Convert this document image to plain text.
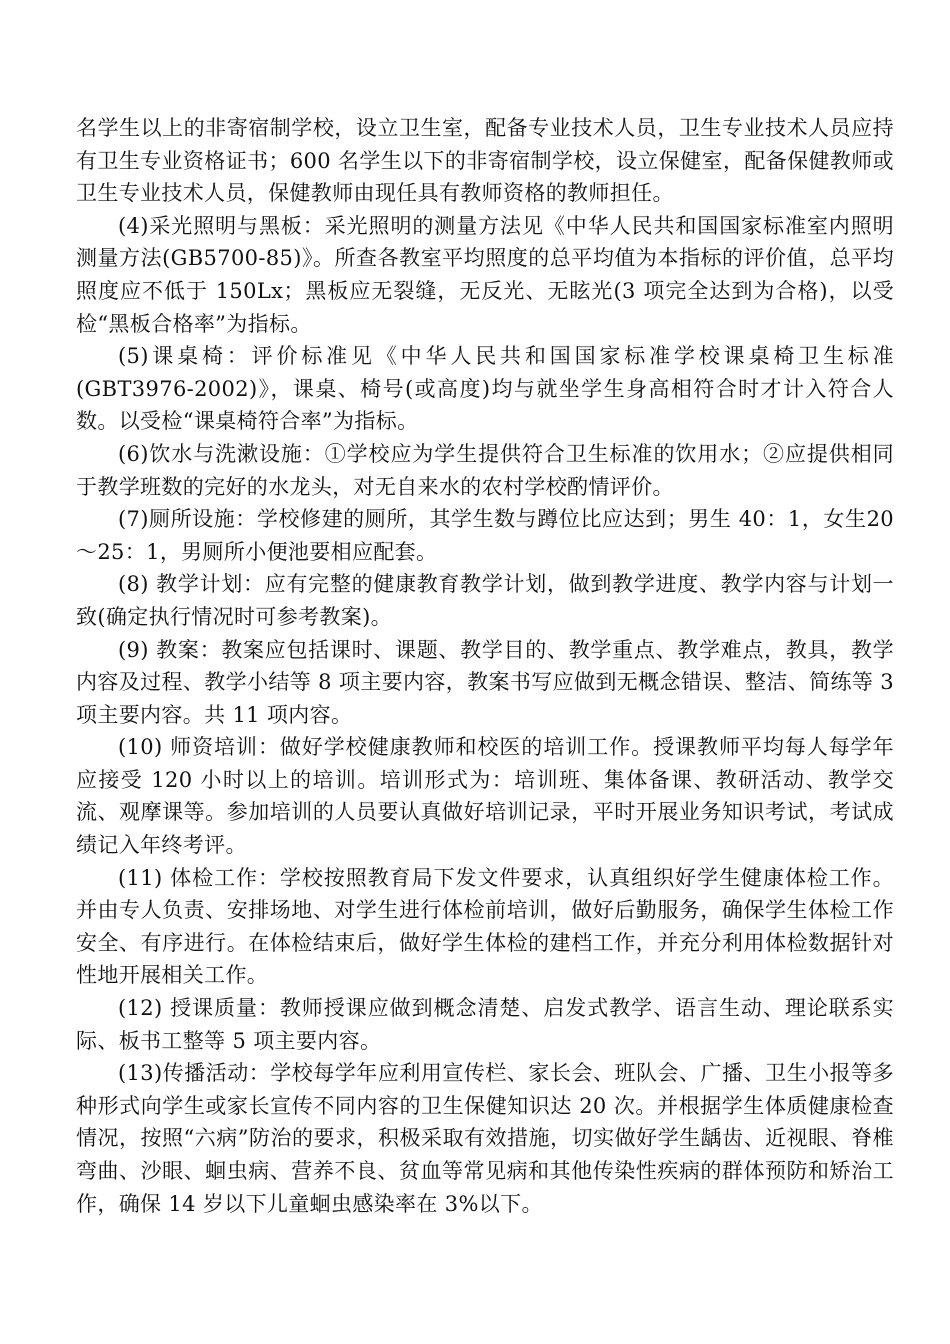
名学生以上的非寄宿制学校，设立卫生室，配备专业技术人员，卫生专业技术人员应持有卫生专业资格证书；600 名学生以下的非寄宿制学校，设立保健室，配备保健教师或卫生专业技术人员，保健教师由现任具有教师资格的教师担任。

(4)采光照明与黑板：采光照明的测量方法见《中华人民共和国国家标准室内照明测量方法(GB5700-85)》。所查各教室平均照度的总平均值为本指标的评价值，总平均照度应不低于 150Lx；黑板应无裂缝，无反光、无眩光(3 项完全达到为合格)，以受检“黑板合格率”为指标。

(5)课桌椅：评价标准见《中华人民共和国国家标准学校课桌椅卫生标准(GBT3976-2002)》，课桌、椅号(或高度)均与就坐学生身高相符合时才计入符合人数。以受检“课桌椅符合率”为指标。

(6)饮水与洗漱设施：①学校应为学生提供符合卫生标准的饮用水；②应提供相同于教学班数的完好的水龙头，对无自来水的农村学校酌情评价。

(7)厕所设施：学校修建的厕所，其学生数与蹲位比应达到；男生 40：1，女生20～25：1，男厕所小便池要相应配套。

(8) 教学计划：应有完整的健康教育教学计划，做到教学进度、教学内容与计划一致(确定执行情况时可参考教案)。

(9) 教案：教案应包括课时、课题、教学目的、教学重点、教学难点，教具，教学内容及过程、教学小结等 8 项主要内容，教案书写应做到无概念错误、整洁、简练等 3 项主要内容。共 11 项内容。

(10) 师资培训：做好学校健康教师和校医的培训工作。授课教师平均每人每学年应接受 120 小时以上的培训。培训形式为：培训班、集体备课、教研活动、教学交流、观摩课等。参加培训的人员要认真做好培训记录，平时开展业务知识考试，考试成绩记入年终考评。

(11) 体检工作：学校按照教育局下发文件要求，认真组织好学生健康体检工作。并由专人负责、安排场地、对学生进行体检前培训，做好后勤服务，确保学生体检工作安全、有序进行。在体检结束后，做好学生体检的建档工作，并充分利用体检数据针对性地开展相关工作。

(12) 授课质量：教师授课应做到概念清楚、启发式教学、语言生动、理论联系实际、板书工整等 5 项主要内容。

(13)传播活动：学校每学年应利用宣传栏、家长会、班队会、广播、卫生小报等多种形式向学生或家长宣传不同内容的卫生保健知识达 20 次。并根据学生体质健康检查情况，按照“六病”防治的要求，积极采取有效措施，切实做好学生龋齿、近视眼、脊椎弯曲、沙眼、蛔虫病、营养不良、贫血等常见病和其他传染性疾病的群体预防和矫治工作，确保 14 岁以下儿童蛔虫感染率在 3%以下。
